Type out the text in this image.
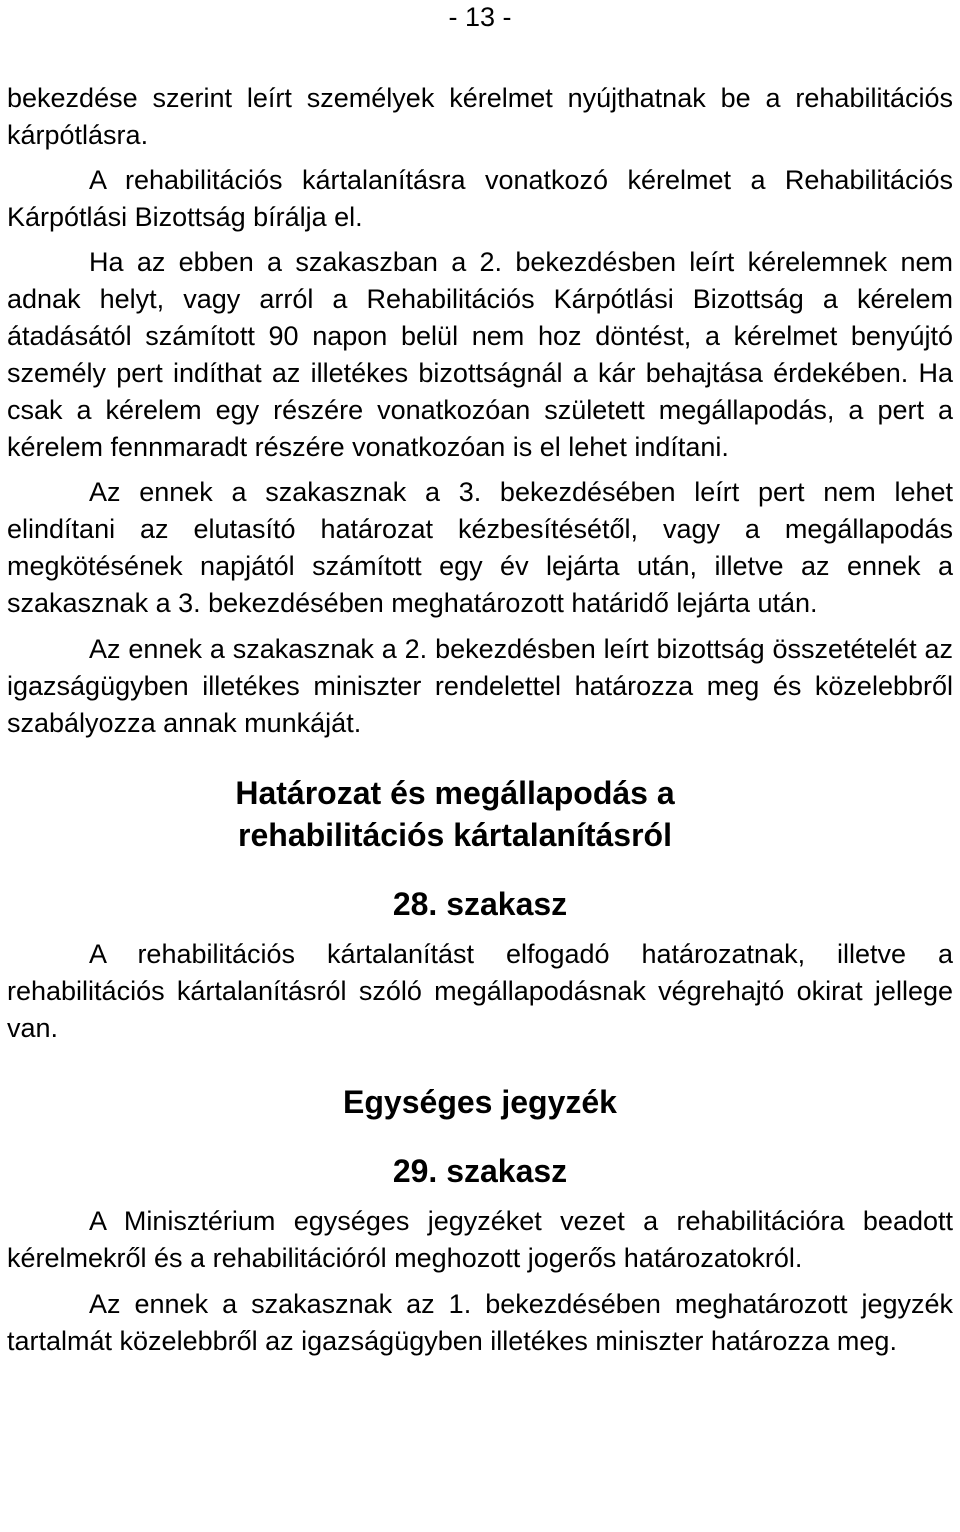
- 13 -

bekezdése szerint leírt személyek kérelmet nyújthatnak be a rehabilitációs kárpótlásra.

A rehabilitációs kártalanításra vonatkozó kérelmet a Rehabilitációs Kárpótlási Bizottság bírálja el.

Ha az ebben a szakaszban a 2. bekezdésben leírt kérelemnek nem adnak helyt, vagy arról a Rehabilitációs Kárpótlási Bizottság a kérelem átadásától számított 90 napon belül nem hoz döntést, a kérelmet benyújtó személy pert indíthat az illetékes bizottságnál a kár behajtása érdekében. Ha csak a kérelem egy részére vonatkozóan született megállapodás, a pert a kérelem fennmaradt részére vonatkozóan is el lehet indítani.

Az ennek a szakasznak a 3. bekezdésében leírt pert nem lehet elindítani az elutasító határozat kézbesítésétől, vagy a megállapodás megkötésének napjától számított egy év lejárta után, illetve az ennek a szakasznak a 3. bekezdésében meghatározott határidő lejárta után.

Az ennek a szakasznak a 2. bekezdésben leírt bizottság összetételét az igazságügyben illetékes miniszter rendelettel határozza meg és közelebbről szabályozza annak munkáját.

Határozat és megállapodás a
rehabilitációs kártalanításról
28. szakasz

A rehabilitációs kártalanítást elfogadó határozatnak, illetve a rehabilitációs kártalanításról szóló megállapodásnak végrehajtó okirat jellege van.

Egységes jegyzék
29. szakasz

A Minisztérium egységes jegyzéket vezet a rehabilitációra beadott kérelmekről és a rehabilitációról meghozott jogerős határozatokról.

Az ennek a szakasznak az 1. bekezdésében meghatározott jegyzék tartalmát közelebbről az igazságügyben illetékes miniszter határozza meg.
